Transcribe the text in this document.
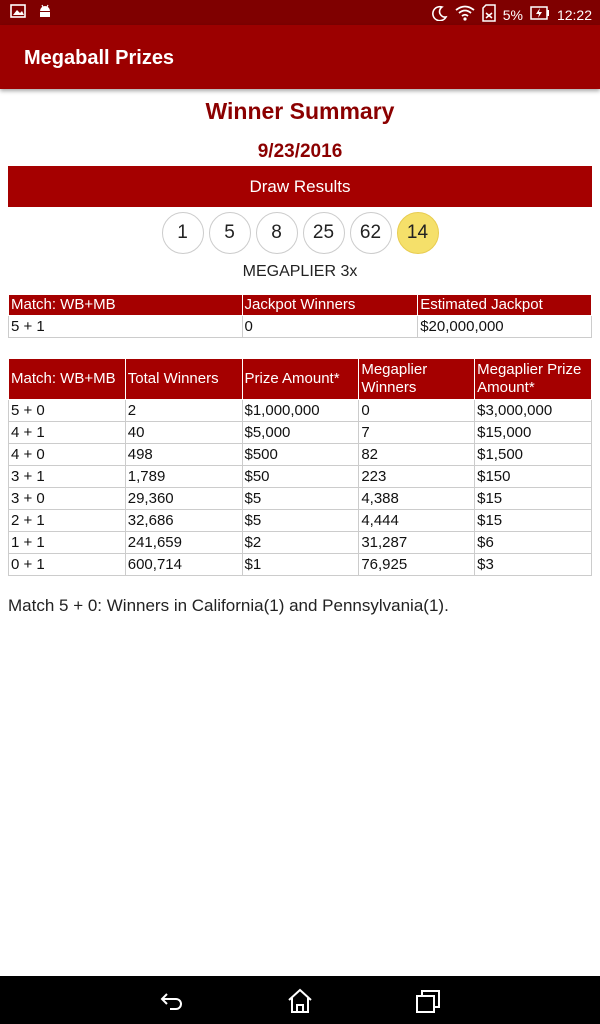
5% 12:22
Megaball Prizes
Winner Summary
9/23/2016
Draw Results
1	5	8	25	62	14
MEGAPLIER 3x
Match: WB+MB	Jackpot Winners	Estimated Jackpot
5 + 1	0	$20,000,000
Match: WB+MB	Total Winners	Prize Amount*	Megaplier Winners	Megaplier Prize Amount*
5 + 0	2	$1,000,000	0	$3,000,000
4 + 1	40	$5,000	7	$15,000
4 + 0	498	$500	82	$1,500
3 + 1	1,789	$50	223	$150
3 + 0	29,360	$5	4,388	$15
2 + 1	32,686	$5	4,444	$15
1 + 1	241,659	$2	31,287	$6
0 + 1	600,714	$1	76,925	$3
Match 5 + 0: Winners in California(1) and Pennsylvania(1).
